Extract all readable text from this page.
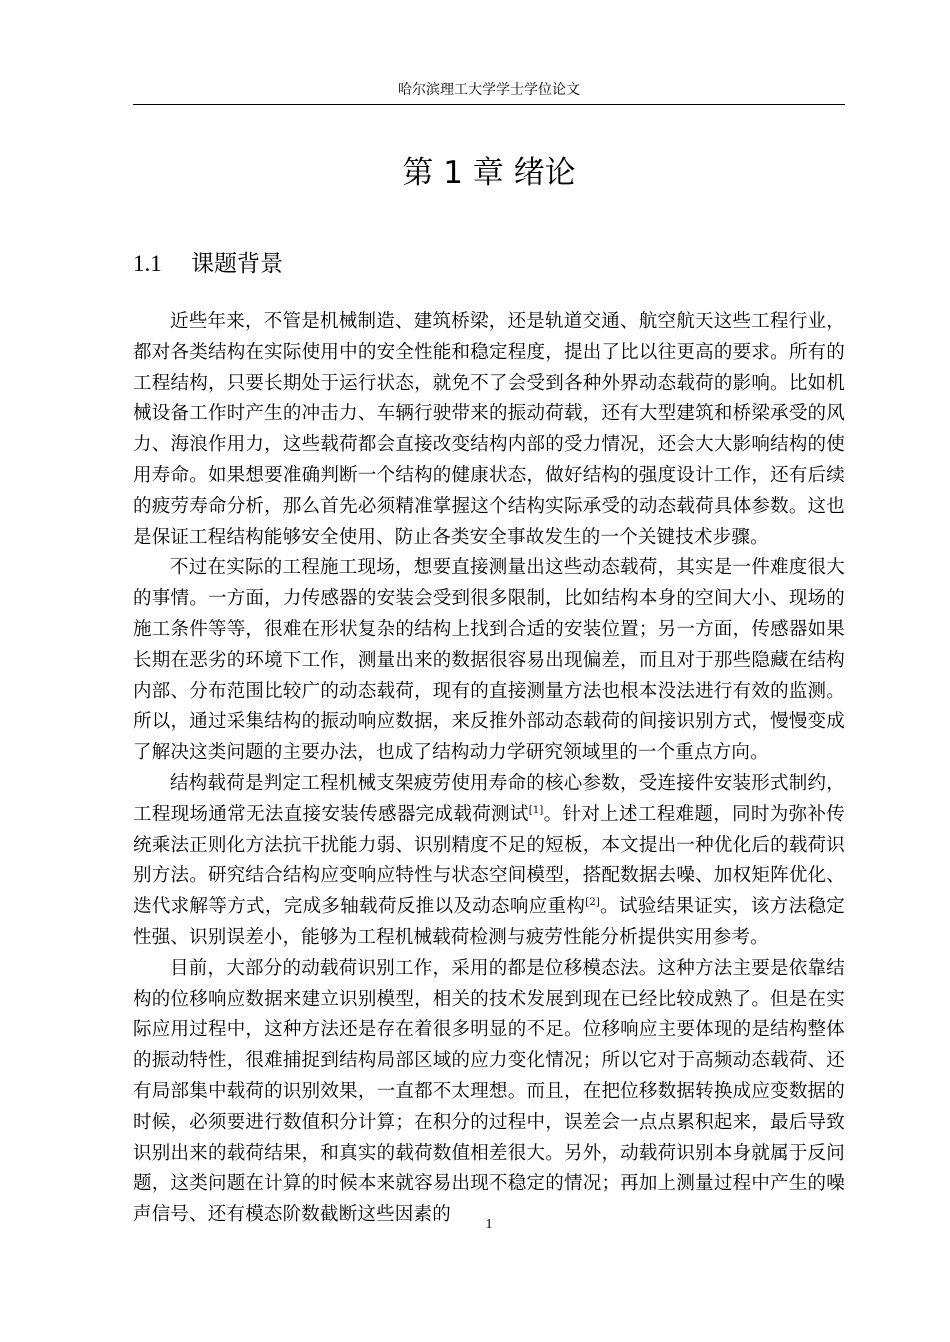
哈尔滨理工大学学士学位论文
第 1 章 绪论
1.1 课题背景

近些年来，不管是机械制造、建筑桥梁，还是轨道交通、航空航天这些工程行业，都对各类结构在实际使用中的安全性能和稳定程度，提出了比以往更高的要求。所有的工程结构，只要长期处于运行状态，就免不了会受到各种外界动态载荷的影响。比如机械设备工作时产生的冲击力、车辆行驶带来的振动荷载，还有大型建筑和桥梁承受的风力、海浪作用力，这些载荷都会直接改变结构内部的受力情况，还会大大影响结构的使用寿命。如果想要准确判断一个结构的健康状态，做好结构的强度设计工作，还有后续的疲劳寿命分析，那么首先必须精准掌握这个结构实际承受的动态载荷具体参数。这也是保证工程结构能够安全使用、防止各类安全事故发生的一个关键技术步骤。

不过在实际的工程施工现场，想要直接测量出这些动态载荷，其实是一件难度很大的事情。一方面，力传感器的安装会受到很多限制，比如结构本身的空间大小、现场的施工条件等等，很难在形状复杂的结构上找到合适的安装位置；另一方面，传感器如果长期在恶劣的环境下工作，测量出来的数据很容易出现偏差，而且对于那些隐藏在结构内部、分布范围比较广的动态载荷，现有的直接测量方法也根本没法进行有效的监测。所以，通过采集结构的振动响应数据，来反推外部动态载荷的间接识别方式，慢慢变成了解决这类问题的主要办法，也成了结构动力学研究领域里的一个重点方向。

结构载荷是判定工程机械支架疲劳使用寿命的核心参数，受连接件安装形式制约，工程现场通常无法直接安装传感器完成载荷测试[1]。针对上述工程难题，同时为弥补传统乘法正则化方法抗干扰能力弱、识别精度不足的短板，本文提出一种优化后的载荷识别方法。研究结合结构应变响应特性与状态空间模型，搭配数据去噪、加权矩阵优化、迭代求解等方式，完成多轴载荷反推以及动态响应重构[2]。试验结果证实，该方法稳定性强、识别误差小，能够为工程机械载荷检测与疲劳性能分析提供实用参考。

目前，大部分的动载荷识别工作，采用的都是位移模态法。这种方法主要是依靠结构的位移响应数据来建立识别模型，相关的技术发展到现在已经比较成熟了。但是在实际应用过程中，这种方法还是存在着很多明显的不足。位移响应主要体现的是结构整体的振动特性，很难捕捉到结构局部区域的应力变化情况；所以它对于高频动态载荷、还有局部集中载荷的识别效果，一直都不太理想。而且，在把位移数据转换成应变数据的时候，必须要进行数值积分计算；在积分的过程中，误差会一点点累积起来，最后导致识别出来的载荷结果，和真实的载荷数值相差很大。另外，动载荷识别本身就属于反问题，这类问题在计算的时候本来就容易出现不稳定的情况；再加上测量过程中产生的噪声信号、还有模态阶数截断这些因素的	1
